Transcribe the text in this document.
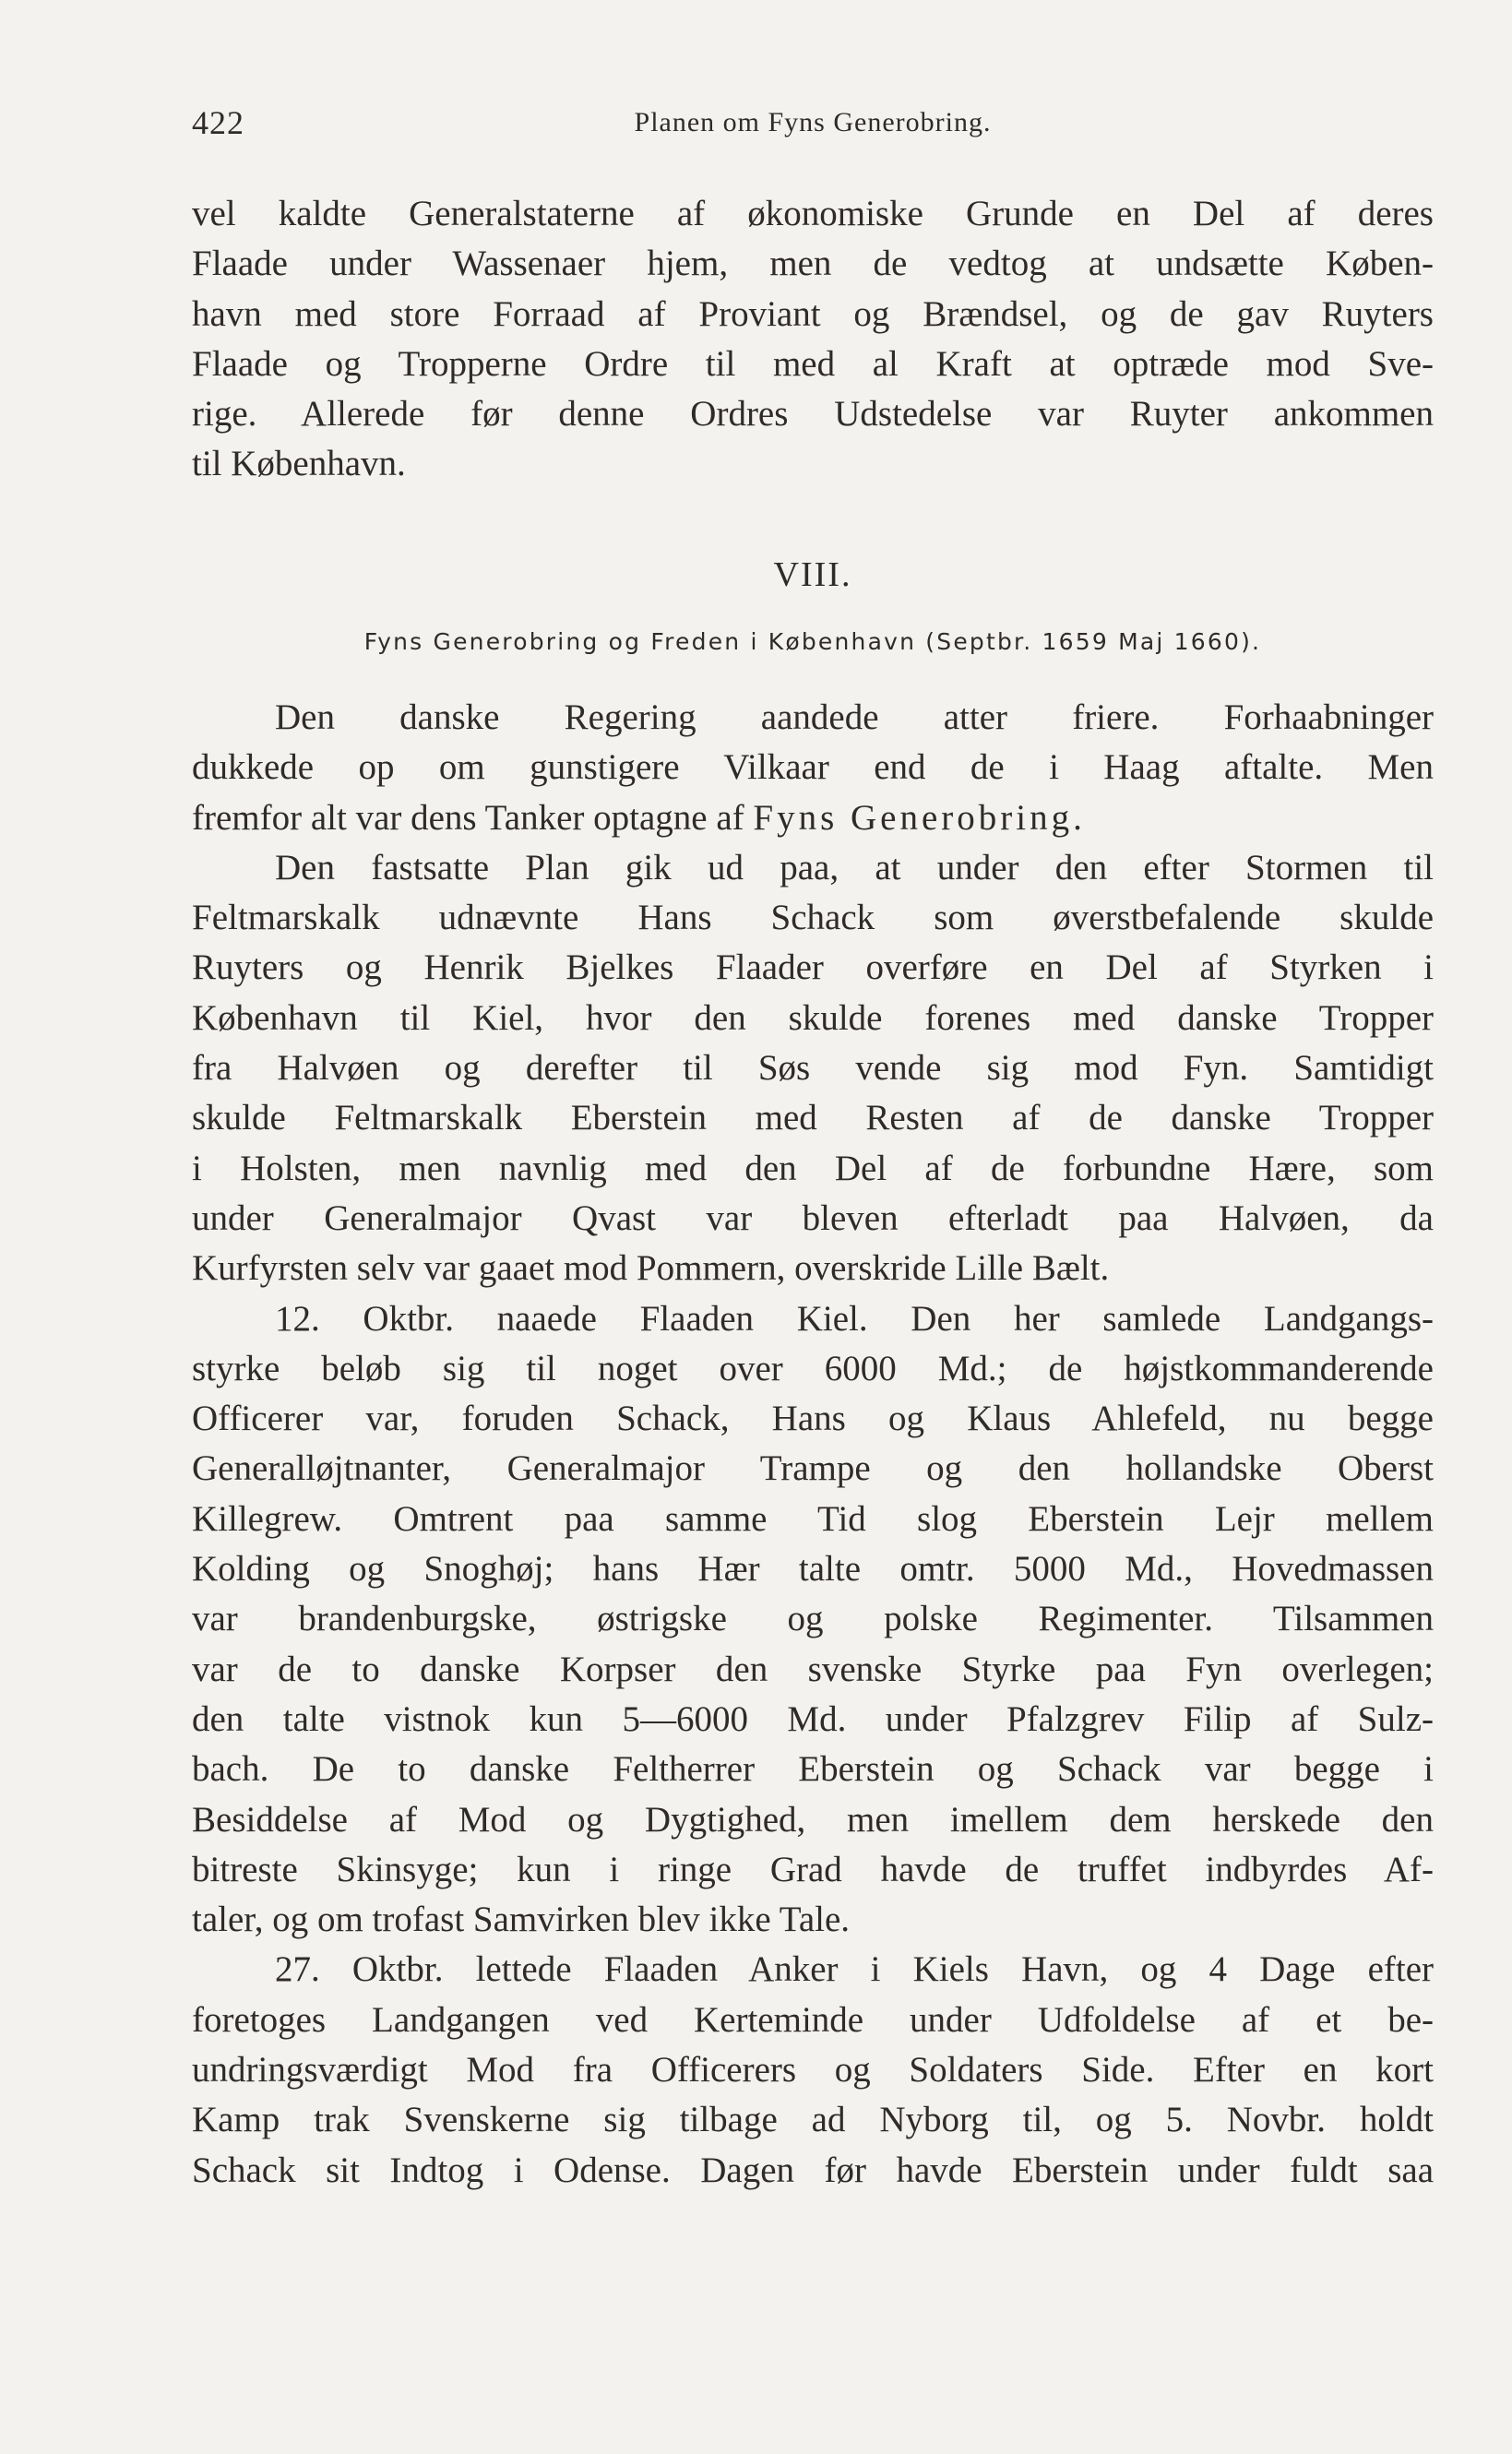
422	Planen om Fyns Generobring.
vel kaldte Generalstaterne af økonomiske Grunde en Del af deres
Flaade under Wassenaer hjem, men de vedtog at undsætte Køben-
havn med store Forraad af Proviant og Brændsel, og de gav Ruyters
Flaade og Tropperne Ordre til med al Kraft at optræde mod Sve-
rige. Allerede før denne Ordres Udstedelse var Ruyter ankommen
til København.
VIII.
Fyns Generobring og Freden i København (Septbr. 1659 Maj 1660).
Den danske Regering aandede atter friere. Forhaabninger
dukkede op om gunstigere Vilkaar end de i Haag aftalte. Men
fremfor alt var dens Tanker optagne af Fyns Generobring.
Den fastsatte Plan gik ud paa, at under den efter Stormen til
Feltmarskalk udnævnte Hans Schack som øverstbefalende skulde
Ruyters og Henrik Bjelkes Flaader overføre en Del af Styrken i
København til Kiel, hvor den skulde forenes med danske Tropper
fra Halvøen og derefter til Søs vende sig mod Fyn. Samtidigt
skulde Feltmarskalk Eberstein med Resten af de danske Tropper
i Holsten, men navnlig med den Del af de forbundne Hære, som
under Generalmajor Qvast var bleven efterladt paa Halvøen, da
Kurfyrsten selv var gaaet mod Pommern, overskride Lille Bælt.
12. Oktbr. naaede Flaaden Kiel. Den her samlede Landgangs-
styrke beløb sig til noget over 6000 Md.; de højstkommanderende
Officerer var, foruden Schack, Hans og Klaus Ahlefeld, nu begge
Generalløjtnanter, Generalmajor Trampe og den hollandske Oberst
Killegrew. Omtrent paa samme Tid slog Eberstein Lejr mellem
Kolding og Snoghøj; hans Hær talte omtr. 5000 Md., Hovedmassen
var brandenburgske, østrigske og polske Regimenter. Tilsammen
var de to danske Korpser den svenske Styrke paa Fyn overlegen;
den talte vistnok kun 5—6000 Md. under Pfalzgrev Filip af Sulz-
bach. De to danske Feltherrer Eberstein og Schack var begge i
Besiddelse af Mod og Dygtighed, men imellem dem herskede den
bitreste Skinsyge; kun i ringe Grad havde de truffet indbyrdes Af-
taler, og om trofast Samvirken blev ikke Tale.
27. Oktbr. lettede Flaaden Anker i Kiels Havn, og 4 Dage efter
foretoges Landgangen ved Kerteminde under Udfoldelse af et be-
undringsværdigt Mod fra Officerers og Soldaters Side. Efter en kort
Kamp trak Svenskerne sig tilbage ad Nyborg til, og 5. Novbr. holdt
Schack sit Indtog i Odense. Dagen før havde Eberstein under fuldt saa
